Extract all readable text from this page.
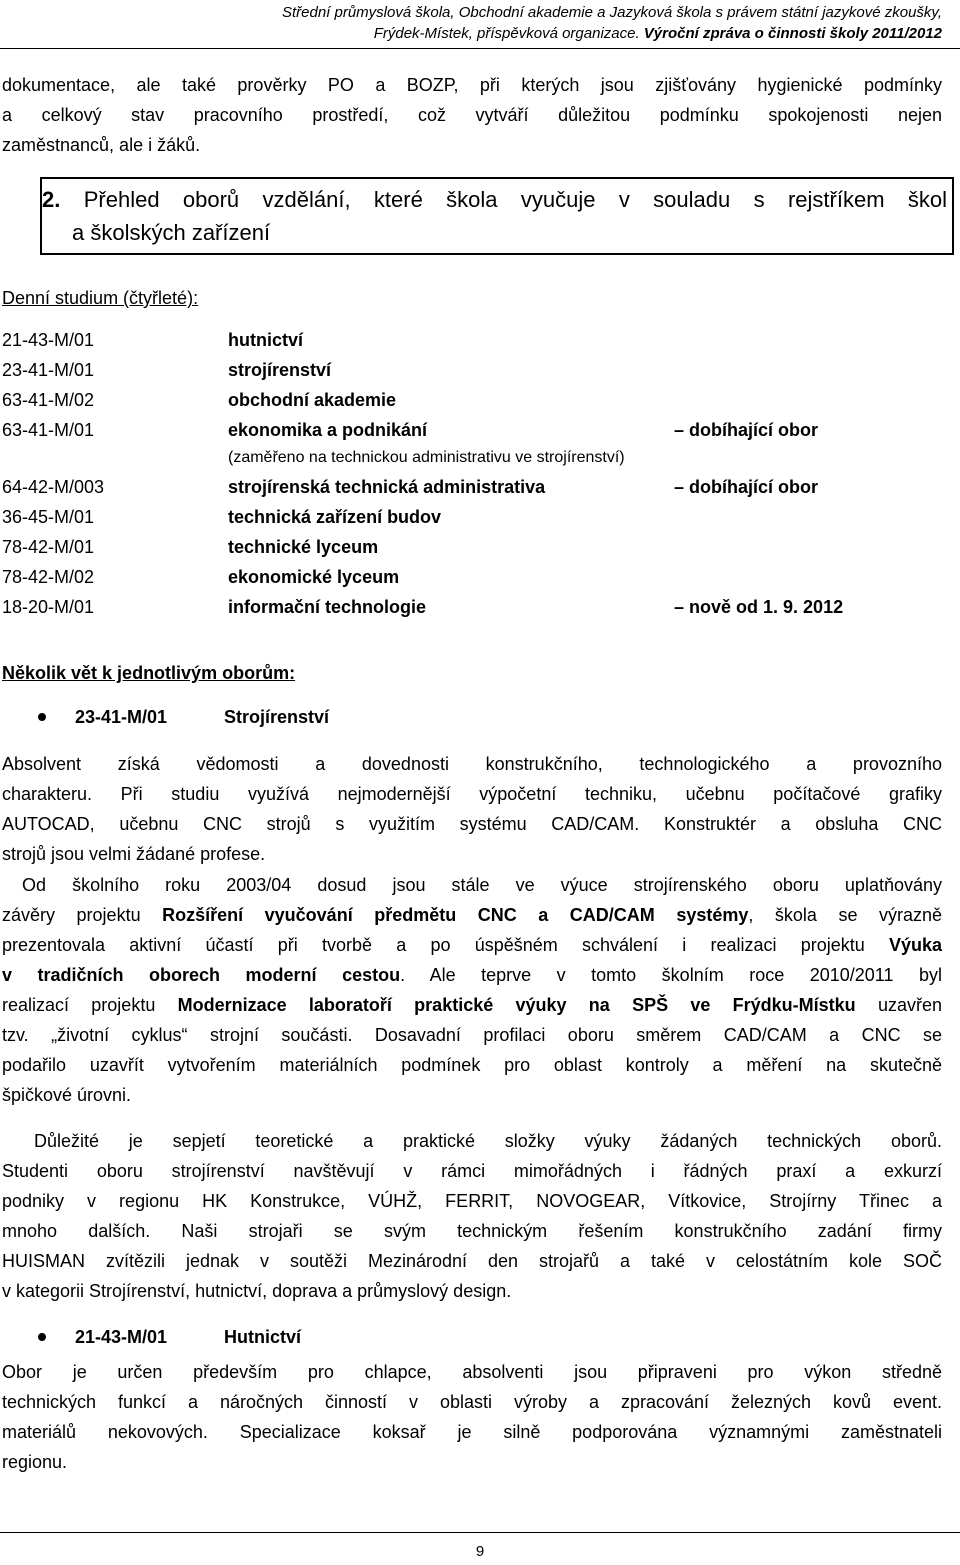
Střední průmyslová škola, Obchodní akademie a Jazyková škola s právem státní jazykové zkoušky,
Frýdek-Místek, příspěvková organizace. Výroční zpráva o činnosti školy 2011/2012
dokumentace, ale také prověrky PO a BOZP, při kterých jsou zjišťovány hygienické podmínky
a celkový stav pracovního prostředí, což vytváří důležitou podmínku spokojenosti nejen
zaměstnanců, ale i žáků.
2. Přehled oborů vzdělání, které škola vyučuje v souladu s rejstříkem škol
a školských zařízení
Denní studium (čtyřleté):
21-43-M/01	hutnictví
23-41-M/01	strojírenství
63-41-M/02	obchodní akademie
63-41-M/01	ekonomika a podnikání	– dobíhající obor
(zaměřeno na technickou administrativu ve strojírenství)
64-42-M/003	strojírenská technická administrativa	– dobíhající obor
36-45-M/01	technická zařízení budov
78-42-M/01	technické lyceum
78-42-M/02	ekonomické lyceum
18-20-M/01	informační technologie	– nově od 1. 9. 2012
Několik vět k jednotlivým oborům:
23-41-M/01	Strojírenství
Absolvent získá vědomosti a dovednosti konstrukčního, technologického a provozního
charakteru. Při studiu využívá nejmodernější výpočetní techniku, učebnu počítačové grafiky
AUTOCAD, učebnu CNC strojů s využitím systému CAD/CAM. Konstruktér a obsluha CNC
strojů jsou velmi žádané profese.
Od školního roku 2003/04 dosud jsou stále ve výuce strojírenského oboru uplatňovány
závěry projektu Rozšíření vyučování předmětu CNC a CAD/CAM systémy, škola se výrazně
prezentovala aktivní účastí při tvorbě a po úspěšném schválení i realizaci projektu Výuka
v tradičních oborech moderní cestou. Ale teprve v tomto školním roce 2010/2011 byl
realizací projektu Modernizace laboratoří praktické výuky na SPŠ ve Frýdku-Místku uzavřen
tzv. „životní cyklus“ strojní součásti. Dosavadní profilaci oboru směrem CAD/CAM a CNC se
podařilo uzavřít vytvořením materiálních podmínek pro oblast kontroly a měření na skutečně
špičkové úrovni.
Důležité je sepjetí teoretické a praktické složky výuky žádaných technických oborů.
Studenti oboru strojírenství navštěvují v rámci mimořádných i řádných praxí a exkurzí
podniky v regionu HK Konstrukce, VÚHŽ, FERRIT, NOVOGEAR, Vítkovice, Strojírny Třinec a
mnoho dalších. Naši strojaři se svým technickým řešením konstrukčního zadání firmy
HUISMAN zvítězili jednak v soutěži Mezinárodní den strojařů a také v celostátním kole SOČ
v kategorii Strojírenství, hutnictví, doprava a průmyslový design.
21-43-M/01	Hutnictví
Obor je určen především pro chlapce, absolventi jsou připraveni pro výkon středně
technických funkcí a náročných činností v oblasti výroby a zpracování železných kovů event.
materiálů nekovových. Specializace koksař je silně podporována významnými zaměstnateli
regionu.
9
